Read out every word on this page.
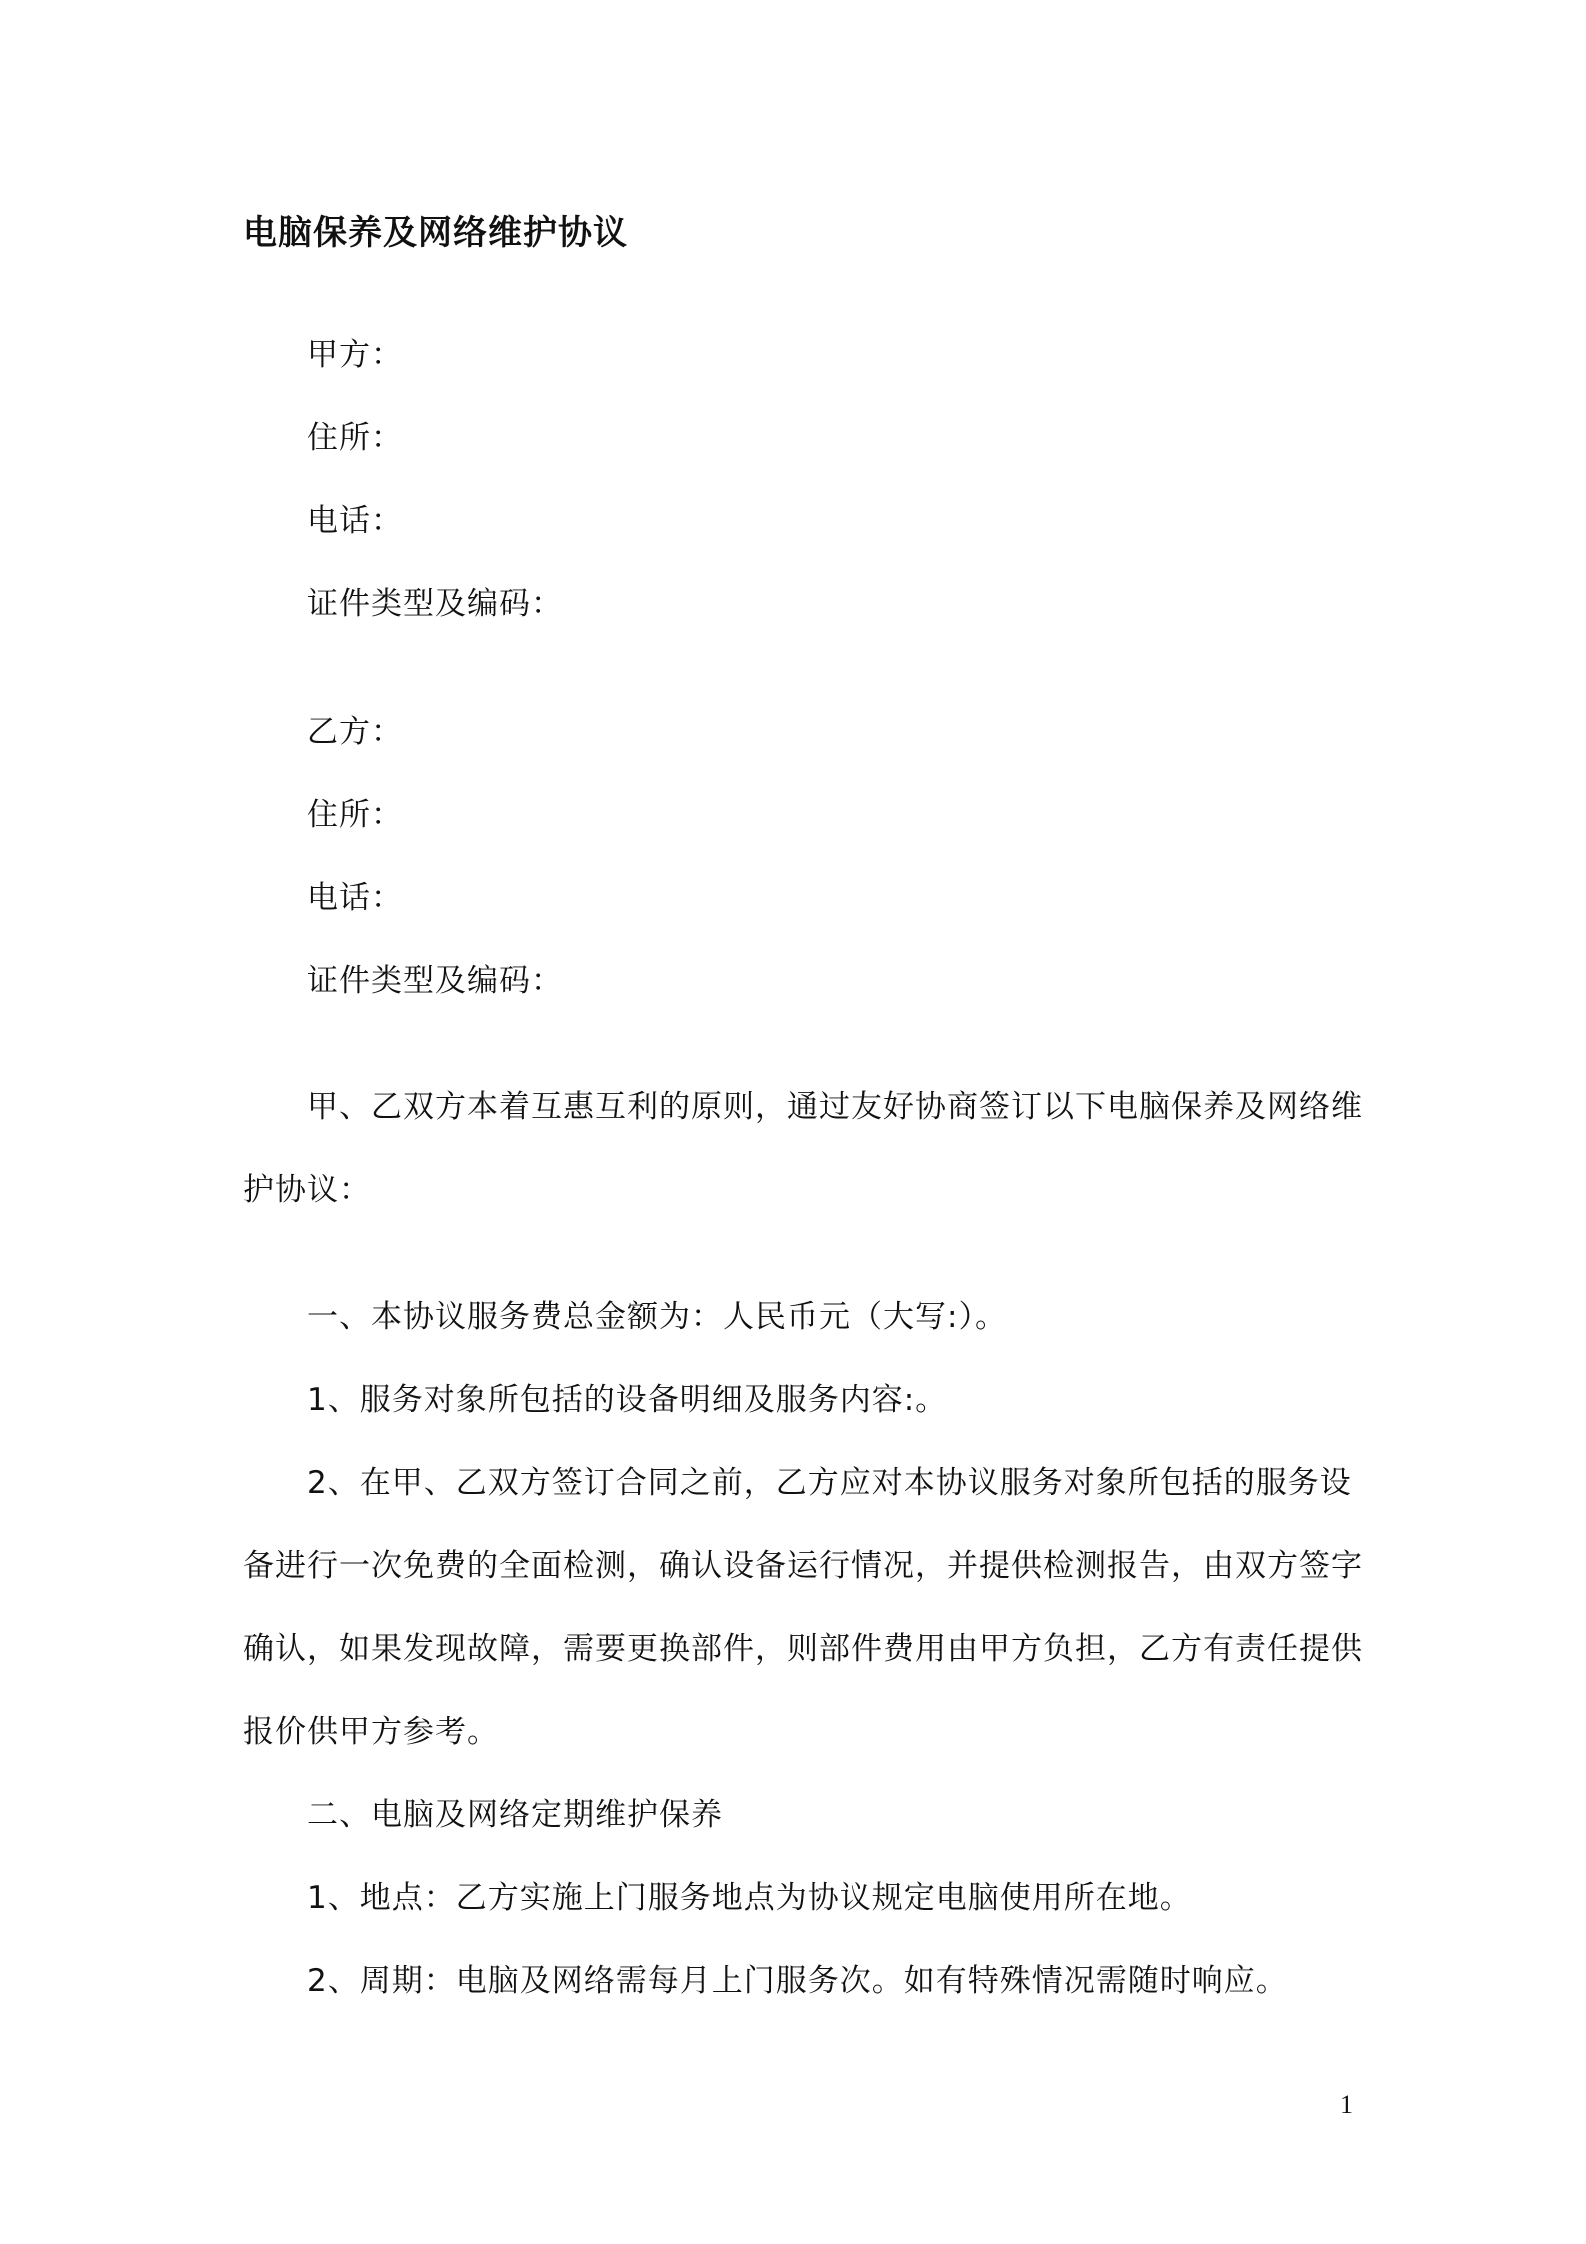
电脑保养及网络维护协议
甲方：
住所：
电话：
证件类型及编码：
乙方：
住所：
电话：
证件类型及编码：
甲、乙双方本着互惠互利的原则，通过友好协商签订以下电脑保养及网络维
护协议：
一、本协议服务费总金额为：人民币元（大写:）。
1、服务对象所包括的设备明细及服务内容:。
2、在甲、乙双方签订合同之前，乙方应对本协议服务对象所包括的服务设
备进行一次免费的全面检测，确认设备运行情况，并提供检测报告，由双方签字
确认，如果发现故障，需要更换部件，则部件费用由甲方负担，乙方有责任提供
报价供甲方参考。
二、电脑及网络定期维护保养
1、地点：乙方实施上门服务地点为协议规定电脑使用所在地。
2、周期：电脑及网络需每月上门服务次。如有特殊情况需随时响应。
1
